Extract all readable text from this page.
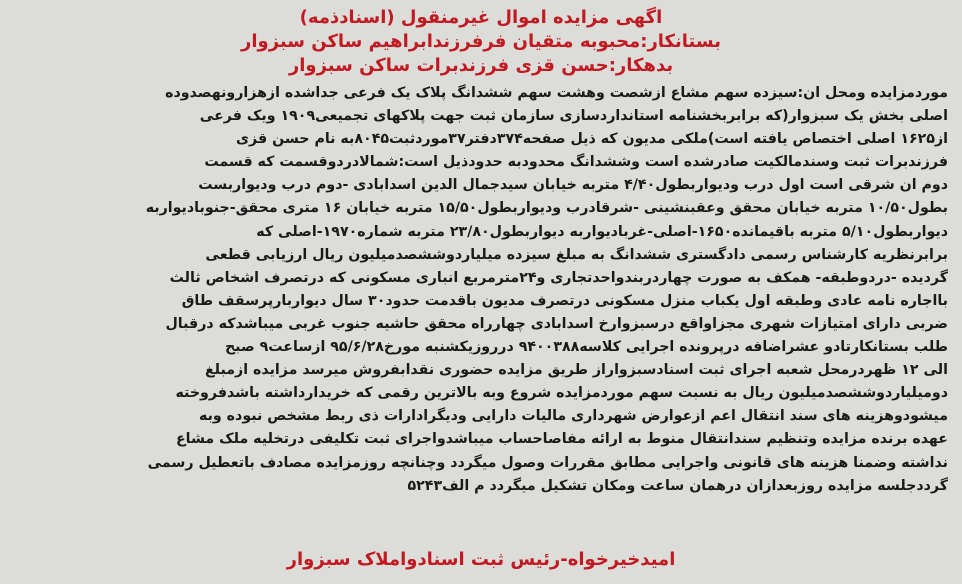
اگهی مزایده اموال غیرمنقول (اسنادذمه)
بستانکار:محبوبه متقیان فرفرزندابراهیم ساکن سبزوار
بدهکار:حسن قزی فرزندبرات ساکن سبزوار
موردمزایده ومحل ان:سیزده سهم مشاع ازشصت وهشت سهم ششدانگ پلاک یک فرعی جداشده ازهزارونهصدوده
اصلی بخش یک سبزوار(که برابربخشنامه استانداردسازی سازمان ثبت جهت پلاکهای تجمیعی۱۹۰۹ ویک فرعی
از۱۶۲۵ اصلی اختصاص یافته است)ملکی مدیون که ذیل صفحه۳۷۴دفتر۳۷موردثبت۸۰۴۵به نام حسن قزی
فرزندبرات ثبت وسندمالکیت صادرشده است وششدانگ محدودبه حدودذیل است:شمالادردوقسمت که قسمت
دوم ان شرقی است اول درب ودیواربطول۴/۴۰ متربه خیابان سیدجمال الدین اسدابادی -دوم درب ودیواربست
بطول۱۰/۵۰ متربه خیابان محقق وعقبنشینی -شرقادرب ودیواربطول۱۵/۵۰ متربه خیابان ۱۶ متری محقق-جنوبادیواربه
دیواربطول۵/۱۰ متربه باقیمانده۱۶۵۰-اصلی-غربادیواربه دیواربطول۲۳/۸۰ متربه شماره۱۹۷۰-اصلی که
برابرنظریه کارشناس رسمی دادگستری ششدانگ به مبلغ سیزده میلیاردوششصدمیلیون ریال ارزیابی قطعی
گردیده -دردوطبقه- همکف به صورت چهاردربندواحدتجاری و۲۴مترمربع انباری مسکونی که درتصرف اشخاص ثالث
بااجاره نامه عادی وطبقه اول یکباب منزل مسکونی درتصرف مدیون باقدمت حدود۳۰ سال دیواربارپرسقف طاق
ضربی دارای امتیازات شهری مجزاواقع درسبزوارخ اسدابادی چهارراه محقق حاشیه جنوب غربی میباشدکه درقبال
طلب بستانکارتادو عشراضافه درپرونده اجرایی کلاسه۹۴۰۰۳۸۸ درروزیکشنبه مورخ۹۵/۶/۲۸ ازساعت۹ صبح
الی ۱۲ ظهردرمحل شعبه اجرای ثبت اسنادسبزواراز طریق مزایده حضوری نقدابفروش میرسد مزایده ازمبلغ
دومیلیاردوششصدمیلیون ریال به نسبت سهم موردمزایده شروع وبه بالاترین رقمی که خریدارداشته باشدفروخته
میشودوهزینه های سند انتقال اعم ازعوارض شهرداری مالیات دارایی ودیگرادارات ذی ربط مشخص نبوده وبه
عهده برنده مزایده وتنظیم سندانتقال منوط به ارائه مفاصاحساب میباشدواجرای ثبت تکلیفی درتخلیه ملک مشاع
نداشته وضمنا هزینه های قانونی واجرایی مطابق مقررات وصول میگردد وچنانچه روزمزایده مصادف باتعطیل رسمی
گرددجلسه مزایده روزبعدازان درهمان ساعت ومکان تشکیل میگردد م الف۵۲۴۳
امیدخیرخواه-رئیس ثبت اسنادواملاک سبزوار
